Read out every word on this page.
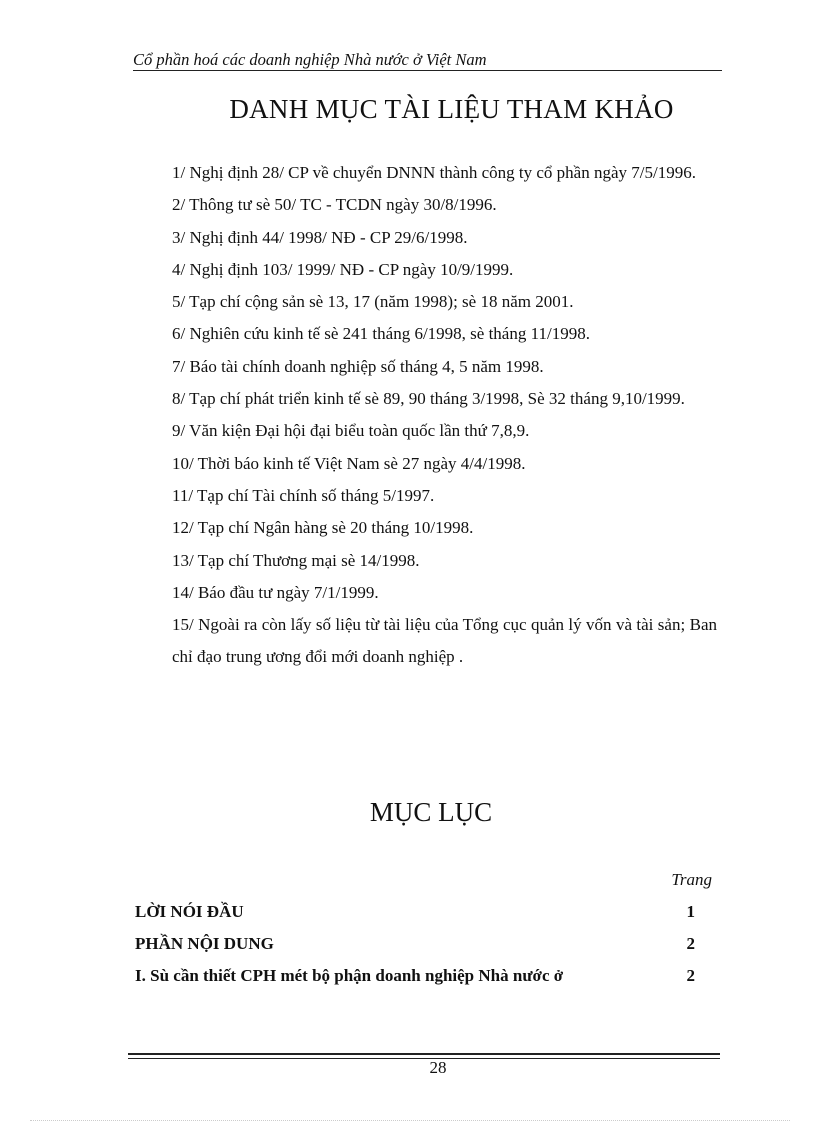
Cổ phần hoá các doanh nghiệp Nhà nước ở Việt Nam
DANH MỤC TÀI LIỆU THAM KHẢO
1/ Nghị định 28/ CP về chuyển DNNN thành công ty cổ phần ngày 7/5/1996.
2/ Thông tư sè 50/ TC - TCDN ngày 30/8/1996.
3/ Nghị định 44/ 1998/ NĐ - CP 29/6/1998.
4/ Nghị định 103/ 1999/ NĐ - CP ngày 10/9/1999.
5/ Tạp chí cộng sản sè 13, 17 (năm 1998); sè 18 năm 2001.
6/ Nghiên cứu kinh tế sè 241 tháng 6/1998, sè tháng 11/1998.
7/ Báo tài chính doanh nghiệp số tháng 4, 5 năm 1998.
8/ Tạp chí phát triển kinh tế sè 89, 90 tháng 3/1998, Sè 32 tháng 9,10/1999.
9/ Văn kiện Đại hội đại biểu toàn quốc lần thứ 7,8,9.
10/ Thời báo kinh tế Việt Nam sè 27 ngày 4/4/1998.
11/ Tạp chí Tài chính số tháng 5/1997.
12/ Tạp chí Ngân hàng sè 20 tháng 10/1998.
13/ Tạp chí Thương mại sè 14/1998.
14/ Báo đầu tư ngày 7/1/1999.
15/ Ngoài ra còn lấy số liệu từ tài liệu của Tổng cục quản lý vốn và tài sản; Ban chỉ đạo trung ương đổi mới doanh nghiệp .
MỤC LỤC
Trang
LỜI NÓI ĐẦU	1
PHẦN NỘI DUNG	2
I. Sù cần thiết CPH mét bộ phận doanh nghiệp Nhà nước ở	2
28
